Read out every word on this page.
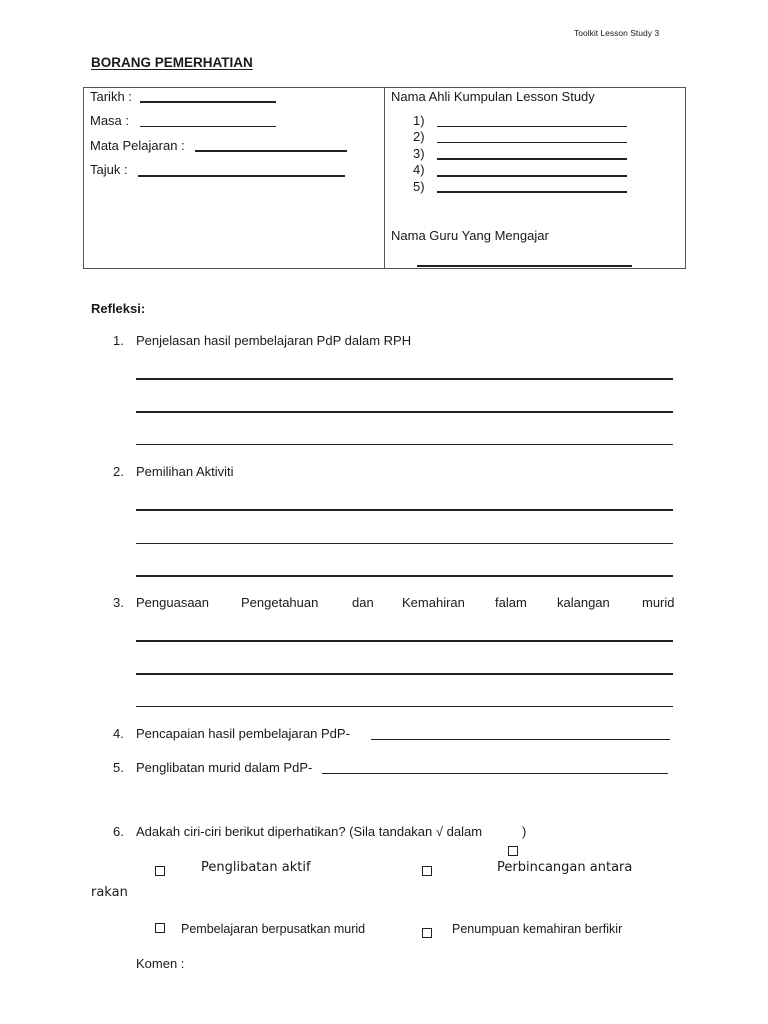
Toolkit Lesson Study 3
BORANG PEMERHATIAN
Tarikh :
Masa :
Mata Pelajaran :
Tajuk :
Nama Ahli Kumpulan Lesson Study
1)
2)
3)
4)
5)
Nama Guru Yang Mengajar
Refleksi:
1. Penjelasan hasil pembelajaran PdP dalam RPH
2. Pemilihan Aktiviti
3. Penguasaan Pengetahuan	dan Kemahiran falam kalangan murid
4. Pencapaian hasil pembelajaran PdP-
5. Penglibatan murid dalam PdP-
6. Adakah ciri-ciri berikut diperhatikan? (Sila tandakan √ dalam	)
Penglibatan aktif	Perbincangan antara
rakan
Pembelajaran berpusatkan murid	Penumpuan kemahiran berfikir
Komen :
